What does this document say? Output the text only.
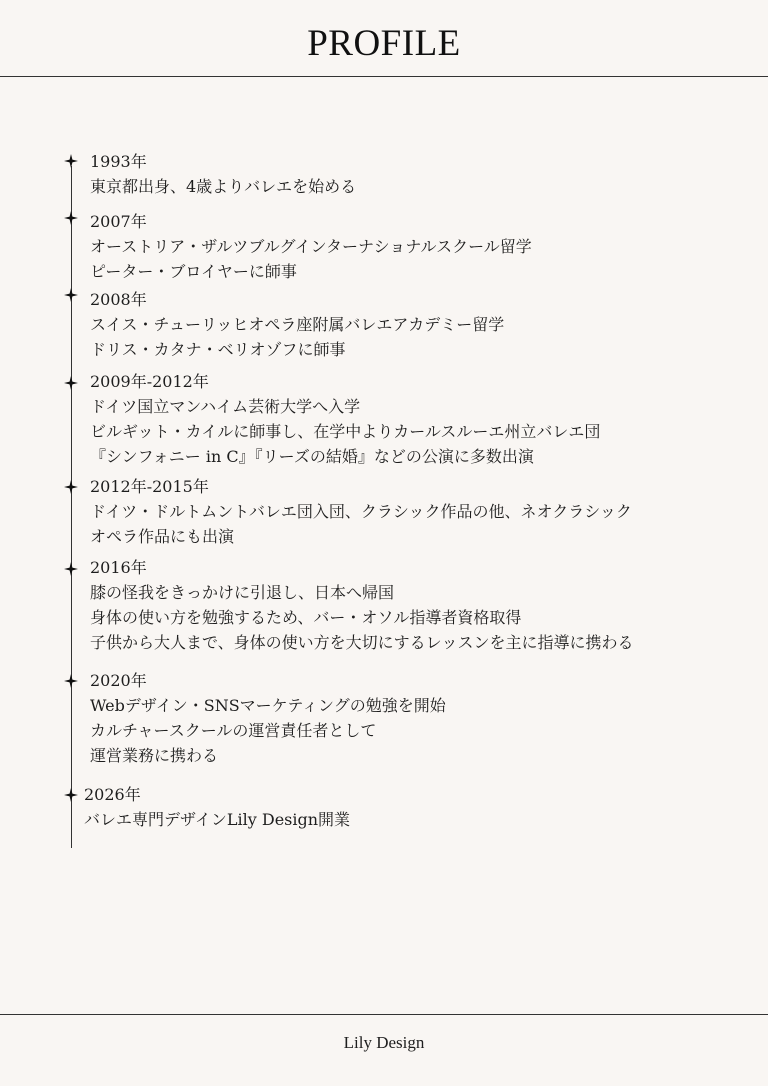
PROFILE
1993年
東京都出身、4歳よりバレエを始める
2007年
オーストリア・ザルツブルグインターナショナルスクール留学
ピーター・ブロイヤーに師事
2008年
スイス・チューリッヒオペラ座附属バレエアカデミー留学
ドリス・カタナ・ベリオゾフに師事
2009年-2012年
ドイツ国立マンハイム芸術大学へ入学
ビルギット・カイルに師事し、在学中よりカールスルーエ州立バレエ団
『シンフォニー in C』『リーズの結婚』などの公演に多数出演
2012年-2015年
ドイツ・ドルトムントバレエ団入団、クラシック作品の他、ネオクラシック
オペラ作品にも出演
2016年
膝の怪我をきっかけに引退し、日本へ帰国
身体の使い方を勉強するため、バー・オソル指導者資格取得
子供から大人まで、身体の使い方を大切にするレッスンを主に指導に携わる
2020年
Webデザイン・SNSマーケティングの勉強を開始
カルチャースクールの運営責任者として
運営業務に携わる
2026年
バレエ専門デザインLily Design開業
Lily Design
